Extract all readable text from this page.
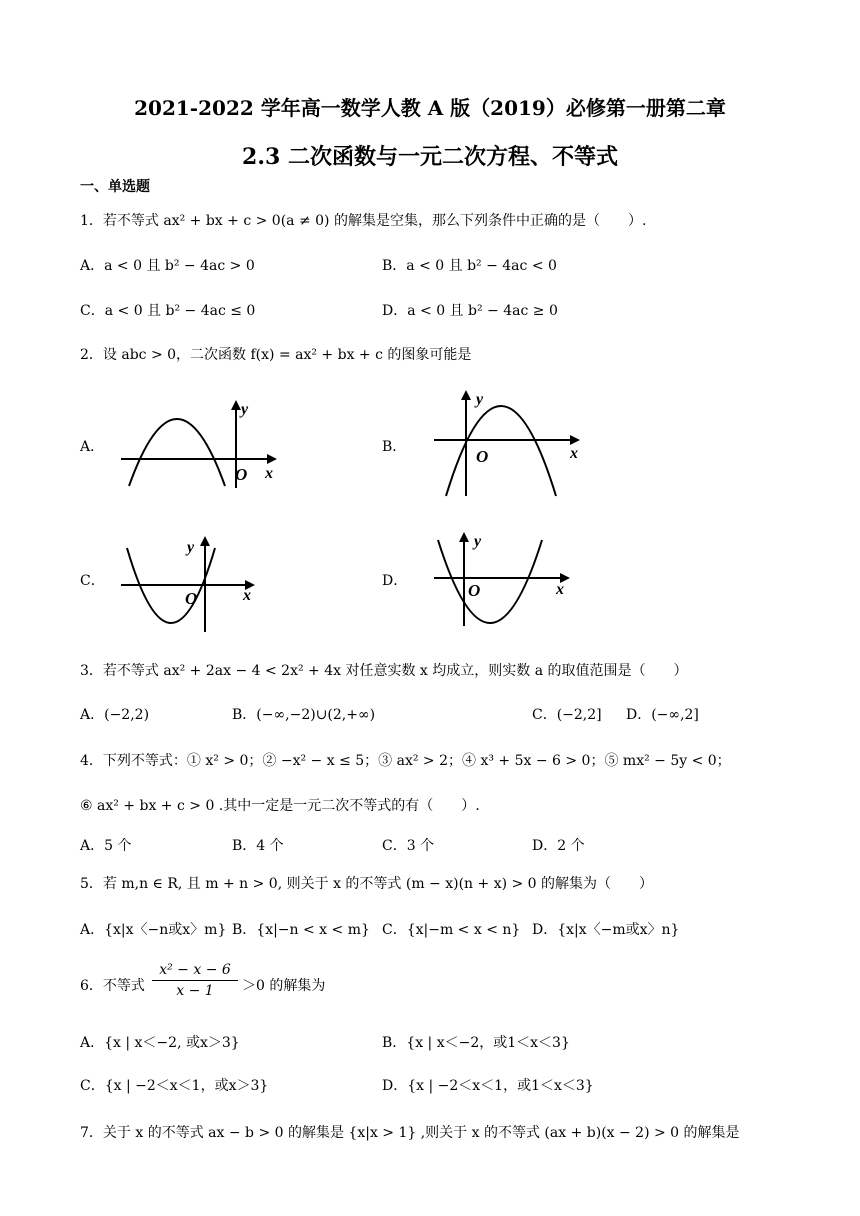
2021-2022 学年高一数学人教 A 版（2019）必修第一册第二章
2.3 二次函数与一元二次方程、不等式
一、单选题
1．若不等式 ax² + bx + c > 0(a ≠ 0) 的解集是空集，那么下列条件中正确的是（　　）.
A．a < 0 且 b² − 4ac > 0	B．a < 0 且 b² − 4ac < 0
C．a < 0 且 b² − 4ac ≤ 0	D．a < 0 且 b² − 4ac ≥ 0
2．设 abc > 0，二次函数 f(x) = ax² + bx + c 的图象可能是
A．
y
x
O
B．
y
x
O
C．
y
x
O
D．
y
x
O
3．若不等式 ax² + 2ax − 4 < 2x² + 4x 对任意实数 x 均成立，则实数 a 的取值范围是（　　）
A．(−2,2)	B．(−∞,−2)∪(2,+∞)	C．(−2,2] D．(−∞,2]
4．下列不等式：① x² > 0；② −x² − x ≤ 5；③ ax² > 2；④ x³ + 5x − 6 > 0；⑤ mx² − 5y < 0；
⑥ ax² + bx + c > 0 .其中一定是一元二次不等式的有（　　）.
A．5 个	B．4 个	C．3 个	D．2 个
5．若 m,n ∈ R, 且 m + n > 0, 则关于 x 的不等式 (m − x)(n + x) > 0 的解集为（　　）
A．{x|x〈−n或x〉m} B．{x|−n < x < m} C．{x|−m < x < n} D．{x|x〈−m或x〉n}
6．不等式 $\frac{\text{x² − x − 6}}{x - 1} >0$ 的解集为
A．{x | x＜−2, 或x＞3}	B．{x | x＜−2，或1＜x＜3}
C．{x | −2＜x＜1，或x＞3}	D．{x | −2＜x＜1，或1＜x＜3}
7．关于 x 的不等式 ax − b > 0 的解集是 {x|x > 1} ,则关于 x 的不等式 (ax + b)(x − 2) > 0 的解集是
